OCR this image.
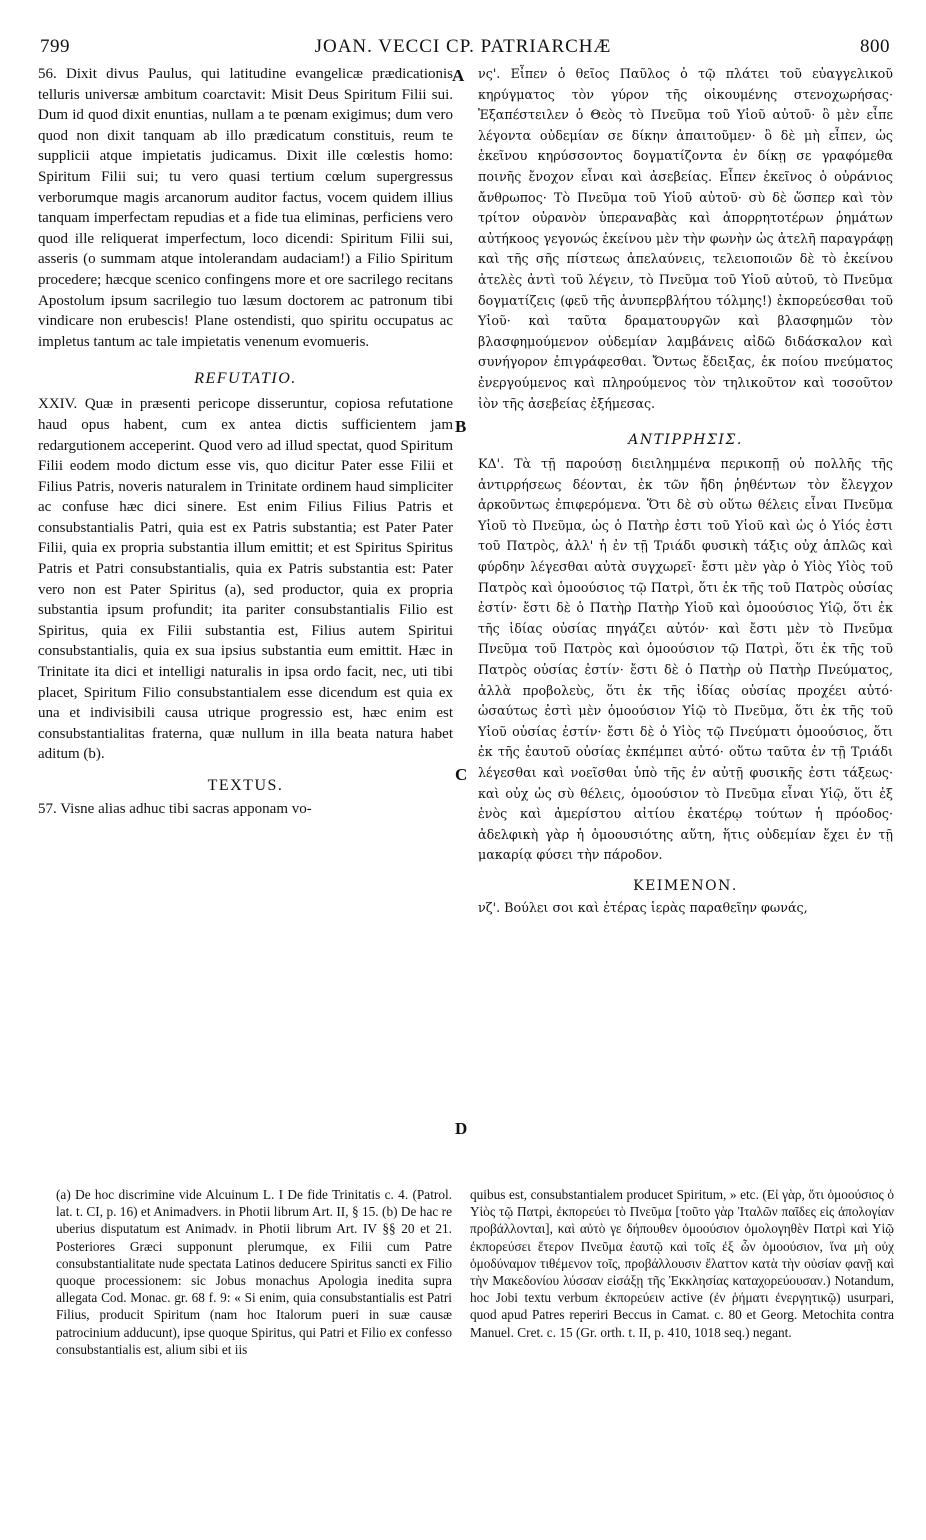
799	JOAN. VECCI CP. PATRIARCHÆ	800
A
B
C
D

56. Dixit divus Paulus, qui latitudine evangelicæ prædicationis telluris universæ ambitum coarctavit: Misit Deus Spiritum Filii sui. Dum id quod dixit enuntias, nullam a te pœnam exigimus; dum vero quod non dixit tanquam ab illo prædicatum constituis, reum te supplicii atque impietatis judicamus. Dixit ille cœlestis homo: Spiritum Filii sui; tu vero quasi tertium cœlum supergressus verborumque magis arcanorum auditor factus, vocem quidem illius tanquam imperfectam repudias et a fide tua eliminas, perficiens vero quod ille reliquerat imperfectum, loco dicendi: Spiritum Filii sui, asseris (o summam atque intolerandam audaciam!) a Filio Spiritum procedere; hæcque scenico confingens more et ore sacrilego recitans Apostolum ipsum sacrilegio tuo læsum doctorem ac patronum tibi vindicare non erubescis! Plane ostendisti, quo spiritu occupatus ac impletus tantum ac tale impietatis venenum evomueris.

REFUTATIO.

XXIV. Quæ in præsenti pericope disseruntur, copiosa refutatione haud opus habent, cum ex antea dictis sufficientem jam redargutionem acceperint. Quod vero ad illud spectat, quod Spiritum Filii eodem modo dictum esse vis, quo dicitur Pater esse Filii et Filius Patris, noveris naturalem in Trinitate ordinem haud simpliciter ac confuse hæc dici sinere. Est enim Filius Filius Patris et consubstantialis Patri, quia est ex Patris substantia; est Pater Pater Filii, quia ex propria substantia illum emittit; et est Spiritus Spiritus Patris et Patri consubstantialis, quia ex Patris substantia est: Pater vero non est Pater Spiritus (a), sed productor, quia ex propria substantia ipsum profundit; ita pariter consubstantialis Filio est Spiritus, quia ex Filii substantia est, Filius autem Spiritui consubstantialis, quia ex sua ipsius substantia eum emittit. Hæc in Trinitate ita dici et intelligi naturalis in ipsa ordo facit, nec, uti tibi placet, Spiritum Filio consubstantialem esse dicendum est quia ex una et indivisibili causa utrique progressio est, hæc enim est consubstantialitas fraterna, quæ nullum in illa beata natura habet aditum (b).

TEXTUS.

57. Visne alias adhuc tibi sacras apponam vo-

νς'. Εἶπεν ὁ θεῖος Παῦλος ὁ τῷ πλάτει τοῦ εὐαγγελικοῦ κηρύγματος τὸν γύρον τῆς οἰκουμένης στενοχωρήσας· Ἐξαπέστειλεν ὁ Θεὸς τὸ Πνεῦμα τοῦ Υἱοῦ αὐτοῦ· ὃ μὲν εἶπε λέγοντα οὐδεμίαν σε δίκην ἀπαιτοῦμεν· ὃ δὲ μὴ εἶπεν, ὡς ἐκεῖνου κηρύσσοντος δογματίζοντα ἐν δίκῃ σε γραφόμεθα ποινῆς ἔνοχον εἶναι καὶ ἀσεβείας. Εἶπεν ἐκεῖνος ὁ οὐράνιος ἄνθρωπος· Τὸ Πνεῦμα τοῦ Υἱοῦ αὐτοῦ· σὺ δὲ ὥσπερ καὶ τὸν τρίτον οὐρανὸν ὑπεραναβὰς καὶ ἀπορρητοτέρων ῥημάτων αὐτήκοος γεγονώς ἐκείνου μὲν τὴν φωνὴν ὡς ἀτελῆ παραγράφῃ καὶ τῆς σῆς πίστεως ἀπελαύνεις, τελειοποιῶν δὲ τὸ ἐκείνου ἀτελὲς ἀντὶ τοῦ λέγειν, τὸ Πνεῦμα τοῦ Υἱοῦ αὐτοῦ, τὸ Πνεῦμα δογματίζεις (φεῦ τῆς ἀνυπερβλήτου τόλμης!) ἐκπορεύεσθαι τοῦ Υἱοῦ· καὶ ταῦτα δραματουργῶν καὶ βλασφημῶν τὸν βλασφημούμενον οὐδεμίαν λαμβάνεις αἰδῶ διδάσκαλον καὶ συνήγορον ἐπιγράφεσθαι. Ὄντως ἔδειξας, ἐκ ποίου πνεύματος ἐνεργούμενος καὶ πληρούμενος τὸν τηλικοῦτον καὶ τοσοῦτον ἰὸν τῆς ἀσεβείας ἐξήμεσας.

ΑΝΤΙΡΡΗΣΙΣ.

ΚΔ'. Τὰ τῇ παρούσῃ διειλημμένα περικοπῇ οὐ πολλῆς τῆς ἀντιρρήσεως δέονται, ἐκ τῶν ἤδη ῥηθέντων τὸν ἔλεγχον ἀρκοῦντως ἐπιφερόμενα. Ὅτι δὲ σὺ οὕτω θέλεις εἶναι Πνεῦμα Υἱοῦ τὸ Πνεῦμα, ὡς ὁ Πατὴρ ἐστι τοῦ Υἱοῦ καὶ ὡς ὁ Υἱός ἐστι τοῦ Πατρὸς, ἀλλ' ἡ ἐν τῇ Τριάδι φυσικὴ τάξις οὐχ ἁπλῶς καὶ φύρδην λέγεσθαι αὐτὰ συγχωρεῖ· ἔστι μὲν γὰρ ὁ Υἱὸς Υἱὸς τοῦ Πατρὸς καὶ ὁμοούσιος τῷ Πατρὶ, ὅτι ἐκ τῆς τοῦ Πατρὸς οὐσίας ἐστίν· ἔστι δὲ ὁ Πατὴρ Πατὴρ Υἱοῦ καὶ ὁμοούσιος Υἱῷ, ὅτι ἐκ τῆς ἰδίας οὐσίας πηγάζει αὐτόν· καὶ ἔστι μὲν τὸ Πνεῦμα Πνεῦμα τοῦ Πατρὸς καὶ ὁμοούσιον τῷ Πατρὶ, ὅτι ἐκ τῆς τοῦ Πατρὸς οὐσίας ἐστίν· ἔστι δὲ ὁ Πατὴρ οὐ Πατὴρ Πνεύματος, ἀλλὰ προβολεὺς, ὅτι ἐκ τῆς ἰδίας οὐσίας προχέει αὐτό· ὡσαύτως ἐστὶ μὲν ὁμοούσιον Υἱῷ τὸ Πνεῦμα, ὅτι ἐκ τῆς τοῦ Υἱοῦ οὐσίας ἐστίν· ἔστι δὲ ὁ Υἱὸς τῷ Πνεύματι ὁμοούσιος, ὅτι ἐκ τῆς ἑαυτοῦ οὐσίας ἐκπέμπει αὐτό· οὕτω ταῦτα ἐν τῇ Τριάδι λέγεσθαι καὶ νοεῖσθαι ὑπὸ τῆς ἐν αὐτῇ φυσικῆς ἐστι τάξεως· καὶ οὐχ ὡς σὺ θέλεις, ὁμοούσιον τὸ Πνεῦμα εἶναι Υἱῷ, ὅτι ἐξ ἑνὸς καὶ ἀμερίστου αἰτίου ἑκατέρῳ τούτων ἡ πρόοδος· ἀδελφικὴ γὰρ ἡ ὁμοουσιότης αὕτη, ἥτις οὐδεμίαν ἔχει ἐν τῇ μακαρίᾳ φύσει τὴν πάροδον.

ΚΕΙΜΕΝΟΝ.

νζ'. Βούλει σοι καὶ ἑτέρας ἱερὰς παραθεῖην φωνάς,

(a) De hoc discrimine vide Alcuinum L. I De fide Trinitatis c. 4. (Patrol. lat. t. CI, p. 16) et Animadvers. in Photii librum Art. II, § 15. (b) De hac re uberius disputatum est Animadv. in Photii librum Art. IV §§ 20 et 21. Posteriores Græci supponunt plerumque, ex Filii cum Patre consubstantialitate nude spectata Latinos deducere Spiritus sancti ex Filio quoque processionem: sic Jobus monachus Apologia inedita supra allegata Cod. Monac. gr. 68 f. 9: « Si enim, quia consubstantialis est Patri Filius, producit Spiritum (nam hoc Italorum pueri in suæ causæ patrocinium adducunt), ipse quoque Spiritus, qui Patri et Filio ex confesso consubstantialis est, alium sibi et iis

quibus est, consubstantialem producet Spiritum, » etc. (Εἰ γὰρ, ὅτι ὁμοούσιος ὁ Υἱὸς τῷ Πατρὶ, ἐκπορεύει τὸ Πνεῦμα [τοῦτο γὰρ Ἰταλῶν παῖδες εἰς ἀπολογίαν προβάλλονται], καὶ αὐτὸ γε δήπουθεν ὁμοούσιον ὁμολογηθὲν Πατρὶ καὶ Υἱῷ ἐκπορεύσει ἕτερον Πνεῦμα ἑαυτῷ καὶ τοῖς ἐξ ὧν ὁμοούσιον, ἵνα μὴ οὐχ ὁμοδύναμον τιθέμενον τοῖς, προβάλλουσιν ἔλαττον κατὰ τὴν οὐσίαν φανῇ καὶ τὴν Μακεδονίου λύσσαν εἰσάξῃ τῆς Ἐκκλησίας καταχορεύουσαν.) Notandum, hoc Jobi textu verbum ἐκπορεύειν active (ἐν ῥήματι ἐνεργητικῷ) usurpari, quod apud Patres reperiri Beccus in Camat. c. 80 et Georg. Metochita contra Manuel. Cret. c. 15 (Gr. orth. t. II, p. 410, 1018 seq.) negant.
